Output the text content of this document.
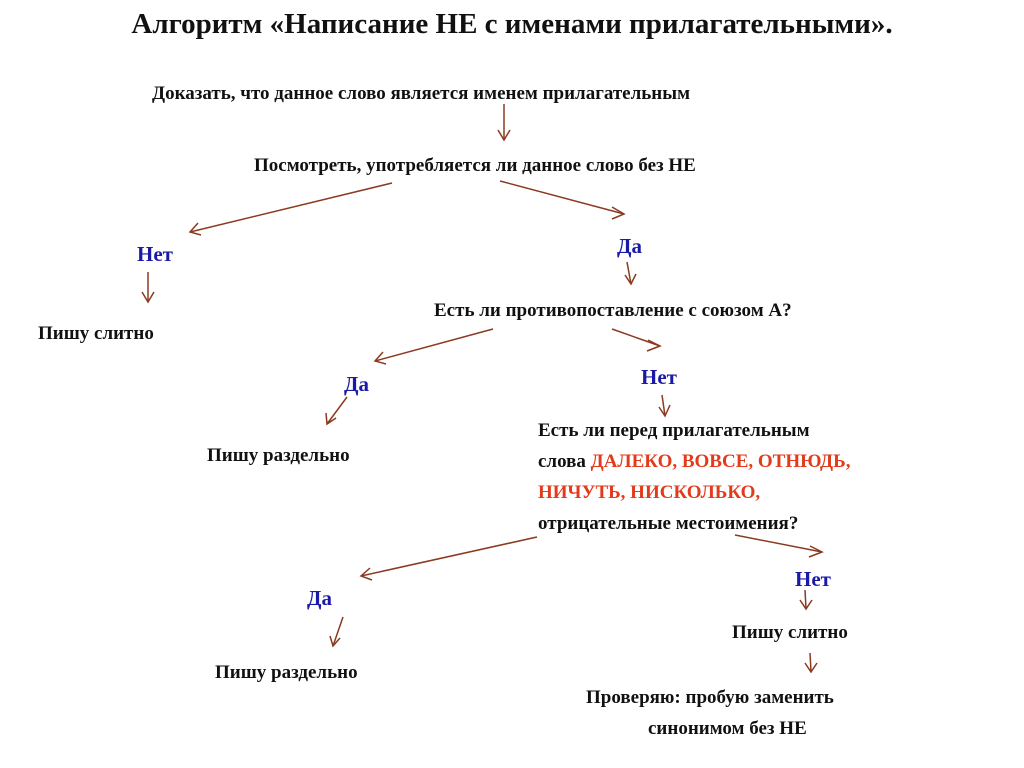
Алгоритм «Написание НЕ с именами прилагательными».
Доказать, что данное слово является именем прилагательным
Посмотреть, употребляется ли данное слово без НЕ
Нет	Да
Пишу слитно
Есть ли противопоставление с союзом А?
Да	Нет
Пишу раздельно
Есть ли перед прилагательным
слова ДАЛЕКО, ВОВСЕ, ОТНЮДЬ,
НИЧУТЬ, НИСКОЛЬКО,
отрицательные местоимения?
Да
Нет
Пишу раздельно
Пишу слитно
Проверяю: пробую заменить
синонимом без НЕ
